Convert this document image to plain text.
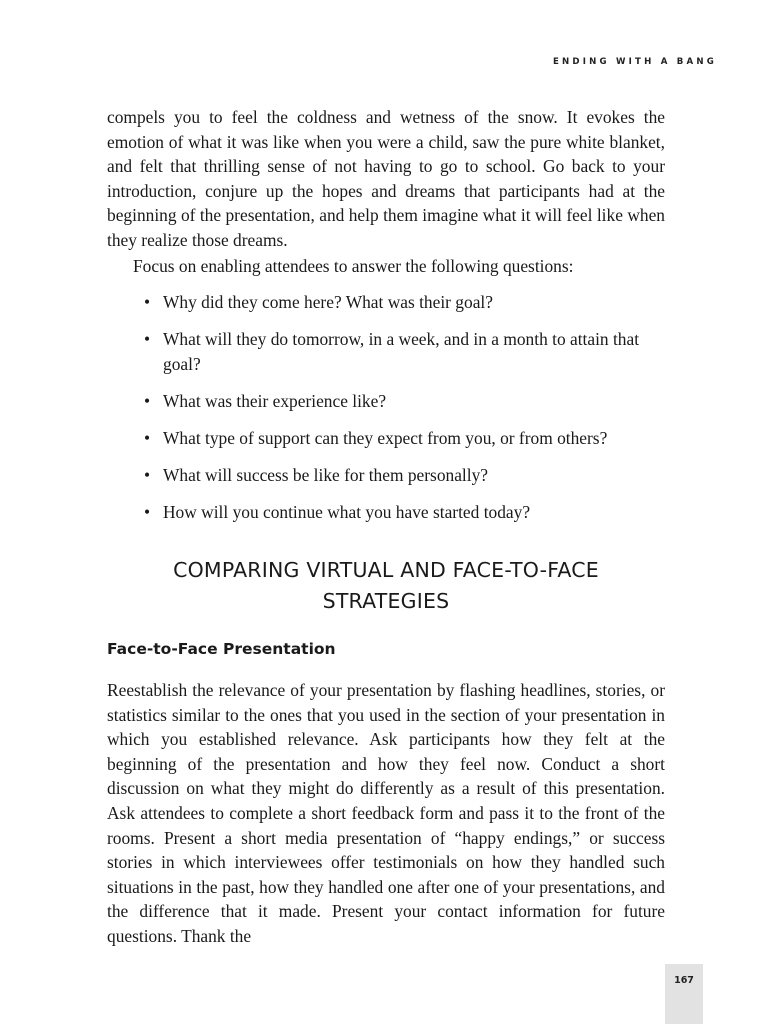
ENDING WITH A BANG

compels you to feel the coldness and wetness of the snow. It evokes the emotion of what it was like when you were a child, saw the pure white blanket, and felt that thrilling sense of not having to go to school. Go back to your introduction, conjure up the hopes and dreams that participants had at the beginning of the presentation, and help them imagine what it will feel like when they realize those dreams.

Focus on enabling attendees to answer the following questions:

• Why did they come here? What was their goal?
• What will they do tomorrow, in a week, and in a month to attain that goal?
• What was their experience like?
• What type of support can they expect from you, or from others?
• What will success be like for them personally?
• How will you continue what you have started today?
COMPARING VIRTUAL AND FACE-TO-FACE
STRATEGIES
Face-to-Face Presentation

Reestablish the relevance of your presentation by flashing headlines, stories, or statistics similar to the ones that you used in the section of your presentation in which you established relevance. Ask participants how they felt at the beginning of the presentation and how they feel now. Conduct a short discussion on what they might do differently as a result of this presentation. Ask attendees to complete a short feedback form and pass it to the front of the rooms. Present a short media presentation of “happy endings,” or success stories in which interviewees offer testimonials on how they handled such situations in the past, how they handled one after one of your presentations, and the difference that it made. Present your contact information for future questions. Thank the

167
